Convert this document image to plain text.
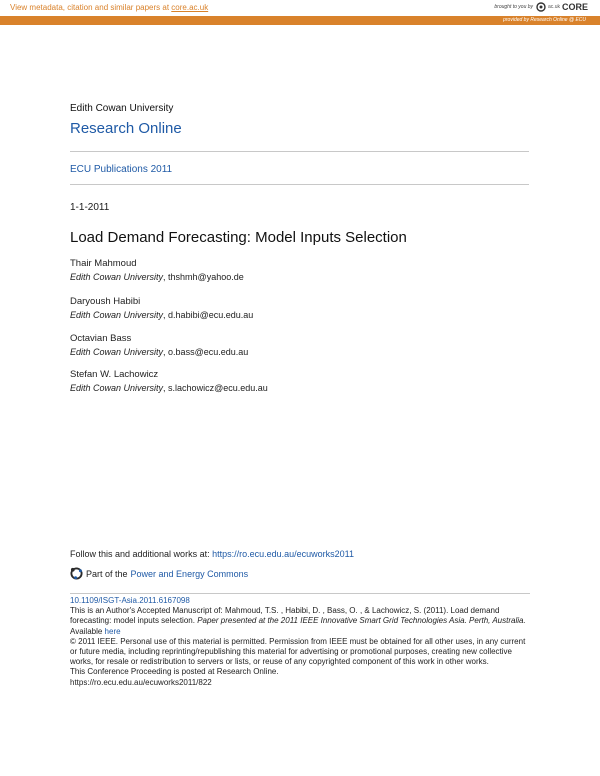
View metadata, citation and similar papers at core.ac.uk	brought to you by	ac.uk CORE
provided by Research Online @ ECU
Edith Cowan University
Research Online
ECU Publications 2011
1-1-2011
Load Demand Forecasting: Model Inputs Selection
Thair Mahmoud
Edith Cowan University, thshmh@yahoo.de
Daryoush Habibi
Edith Cowan University, d.habibi@ecu.edu.au
Octavian Bass
Edith Cowan University, o.bass@ecu.edu.au
Stefan W. Lachowicz
Edith Cowan University, s.lachowicz@ecu.edu.au
Follow this and additional works at: https://ro.ecu.edu.au/ecuworks2011
Part of the Power and Energy Commons
10.1109/ISGT-Asia.2011.6167098
This is an Author's Accepted Manuscript of: Mahmoud, T.S. , Habibi, D. , Bass, O. , & Lachowicz, S. (2011). Load demand forecasting: model inputs selection. Paper presented at the 2011 IEEE Innovative Smart Grid Technologies Asia. Perth, Australia. Available here
© 2011 IEEE. Personal use of this material is permitted. Permission from IEEE must be obtained for all other uses, in any current or future media, including reprinting/republishing this material for advertising or promotional purposes, creating new collective works, for resale or redistribution to servers or lists, or reuse of any copyrighted component of this work in other works.
This Conference Proceeding is posted at Research Online.
https://ro.ecu.edu.au/ecuworks2011/822
